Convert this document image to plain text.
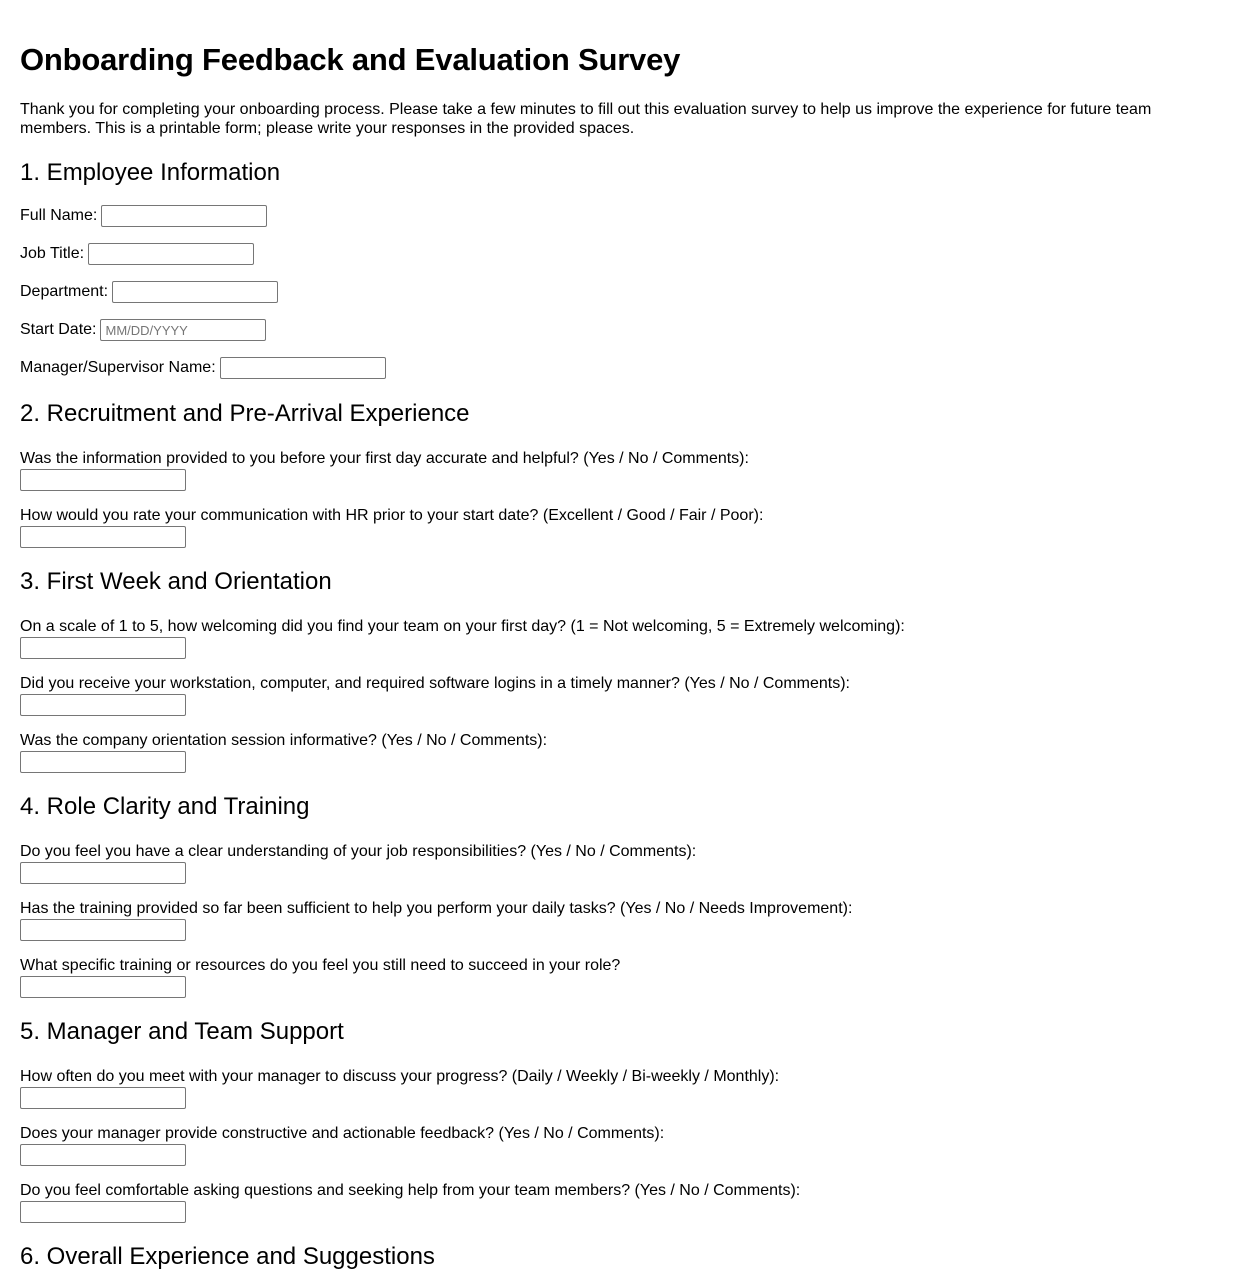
Onboarding Feedback and Evaluation Survey

Thank you for completing your onboarding process. Please take a few minutes to fill out this evaluation survey to help us improve the experience for future team members. This is a printable form; please write your responses in the provided spaces.

1. Employee Information
Full Name:
Job Title:
Department:
Start Date:
MM/DD/YYYY
Manager/Supervisor Name:
2. Recruitment and Pre-Arrival Experience
Was the information provided to you before your first day accurate and helpful? (Yes / No / Comments):
How would you rate your communication with HR prior to your start date? (Excellent / Good / Fair / Poor):
3. First Week and Orientation
On a scale of 1 to 5, how welcoming did you find your team on your first day? (1 = Not welcoming, 5 = Extremely welcoming):
Did you receive your workstation, computer, and required software logins in a timely manner? (Yes / No / Comments):
Was the company orientation session informative? (Yes / No / Comments):
4. Role Clarity and Training
Do you feel you have a clear understanding of your job responsibilities? (Yes / No / Comments):
Has the training provided so far been sufficient to help you perform your daily tasks? (Yes / No / Needs Improvement):
What specific training or resources do you feel you still need to succeed in your role?
5. Manager and Team Support
How often do you meet with your manager to discuss your progress? (Daily / Weekly / Bi-weekly / Monthly):
Does your manager provide constructive and actionable feedback? (Yes / No / Comments):
Do you feel comfortable asking questions and seeking help from your team members? (Yes / No / Comments):
6. Overall Experience and Suggestions
